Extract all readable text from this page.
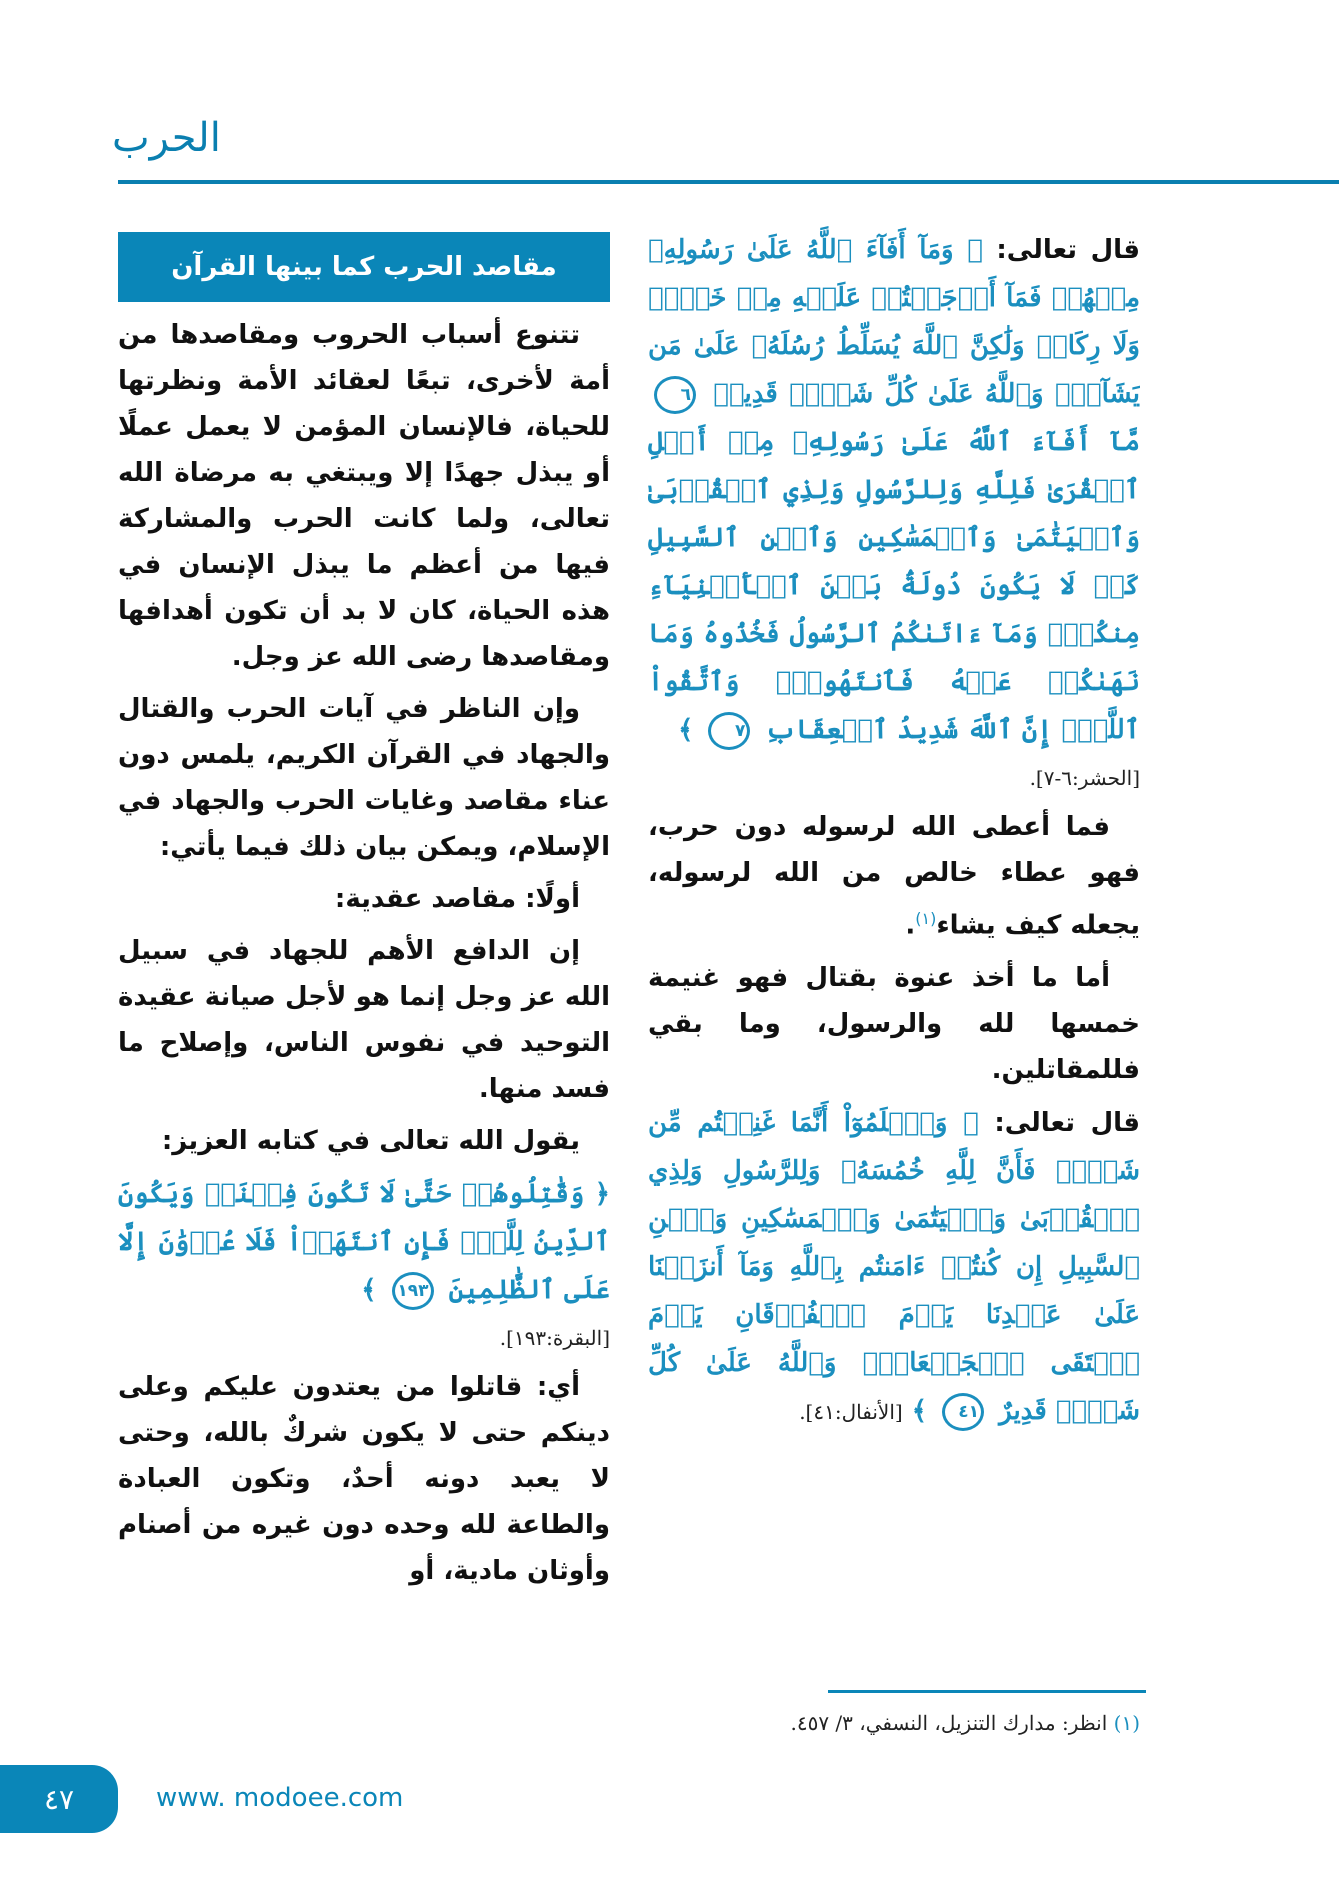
الحرب

قال تعالى: ﴿ وَمَآ أَفَآءَ ٱللَّهُ عَلَىٰ رَسُولِهِۦ مِنۡهُمۡ فَمَآ أَوۡجَفۡتُمۡ عَلَيۡهِ مِنۡ خَيۡلٖ وَلَا رِكَابٖ وَلَٰكِنَّ ٱللَّهَ يُسَلِّطُ رُسُلَهُۥ عَلَىٰ مَن يَشَآءُۚ وَٱللَّهُ عَلَىٰ كُلِّ شَيۡءٖ قَدِيرٞ ٦ مَّآ أَفَآءَ ٱللَّهُ عَلَىٰ رَسُولِهِۦ مِنۡ أَهۡلِ ٱلۡقُرَىٰ فَلِلَّهِ وَلِلرَّسُولِ وَلِذِي ٱلۡقُرۡبَىٰ وَٱلۡيَتَٰمَىٰ وَٱلۡمَسَٰكِينِ وَٱبۡنِ ٱلسَّبِيلِ كَيۡ لَا يَكُونَ دُولَةَۢ بَيۡنَ ٱلۡأَغۡنِيَآءِ مِنكُمۡۚ وَمَآ ءَاتَىٰكُمُ ٱلرَّسُولُ فَخُذُوهُ وَمَا نَهَىٰكُمۡ عَنۡهُ فَٱنتَهُواْۚ وَٱتَّقُواْ ٱللَّهَۖ إِنَّ ٱللَّهَ شَدِيدُ ٱلۡعِقَابِ ٧ ﴾

[الحشر:٦-٧].

فما أعطى الله لرسوله دون حرب، فهو عطاء خالص من الله لرسوله، يجعله كيف يشاء$^{(١)}$.

أما ما أخذ عنوة بقتال فهو غنيمة خمسها لله والرسول، وما بقي فللمقاتلين.

قال تعالى: ﴿ وَٱعۡلَمُوٓاْ أَنَّمَا غَنِمۡتُم مِّن شَيۡءٖ فَأَنَّ لِلَّهِ خُمُسَهُۥ وَلِلرَّسُولِ وَلِذِي ٱلۡقُرۡبَىٰ وَٱلۡيَتَٰمَىٰ وَٱلۡمَسَٰكِينِ وَٱبۡنِ ٱلسَّبِيلِ إِن كُنتُمۡ ءَامَنتُم بِٱللَّهِ وَمَآ أَنزَلۡنَا عَلَىٰ عَبۡدِنَا يَوۡمَ ٱلۡفُرۡقَانِ يَوۡمَ ٱلۡتَقَى ٱلۡجَمۡعَانِۗ وَٱللَّهُ عَلَىٰ كُلِّ شَيۡءٖ قَدِيرٌ ٤١ ﴾ [الأنفال:٤١].

مقاصد الحرب كما بينها القرآن

تتنوع أسباب الحروب ومقاصدها من أمة لأخرى، تبعًا لعقائد الأمة ونظرتها للحياة، فالإنسان المؤمن لا يعمل عملًا أو يبذل جهدًا إلا ويبتغي به مرضاة الله تعالى، ولما كانت الحرب والمشاركة فيها من أعظم ما يبذل الإنسان في هذه الحياة، كان لا بد أن تكون أهدافها ومقاصدها رضى الله عز وجل.

وإن الناظر في آيات الحرب والقتال والجهاد في القرآن الكريم، يلمس دون عناء مقاصد وغايات الحرب والجهاد في الإسلام، ويمكن بيان ذلك فيما يأتي:

أولًا: مقاصد عقدية:

إن الدافع الأهم للجهاد في سبيل الله عز وجل إنما هو لأجل صيانة عقيدة التوحيد في نفوس الناس، وإصلاح ما فسد منها.

يقول الله تعالى في كتابه العزيز:

﴿ وَقَٰتِلُوهُمۡ حَتَّىٰ لَا تَكُونَ فِتۡنَةٞ وَيَكُونَ ٱلدِّينُ لِلَّهِۖ فَإِنِ ٱنتَهَوۡاْ فَلَا عُدۡوَٰنَ إِلَّا عَلَى ٱلظَّٰلِمِينَ ١٩٣ ﴾

[البقرة:١٩٣].

أي: قاتلوا من يعتدون عليكم وعلى دينكم حتى لا يكون شركٌ بالله، وحتى لا يعبد دونه أحدٌ، وتكون العبادة والطاعة لله وحده دون غيره من أصنام وأوثان مادية، أو

(١) انظر: مدارك التنزيل، النسفي، ٣/ ٤٥٧.
٤٧	www. modoee.com
